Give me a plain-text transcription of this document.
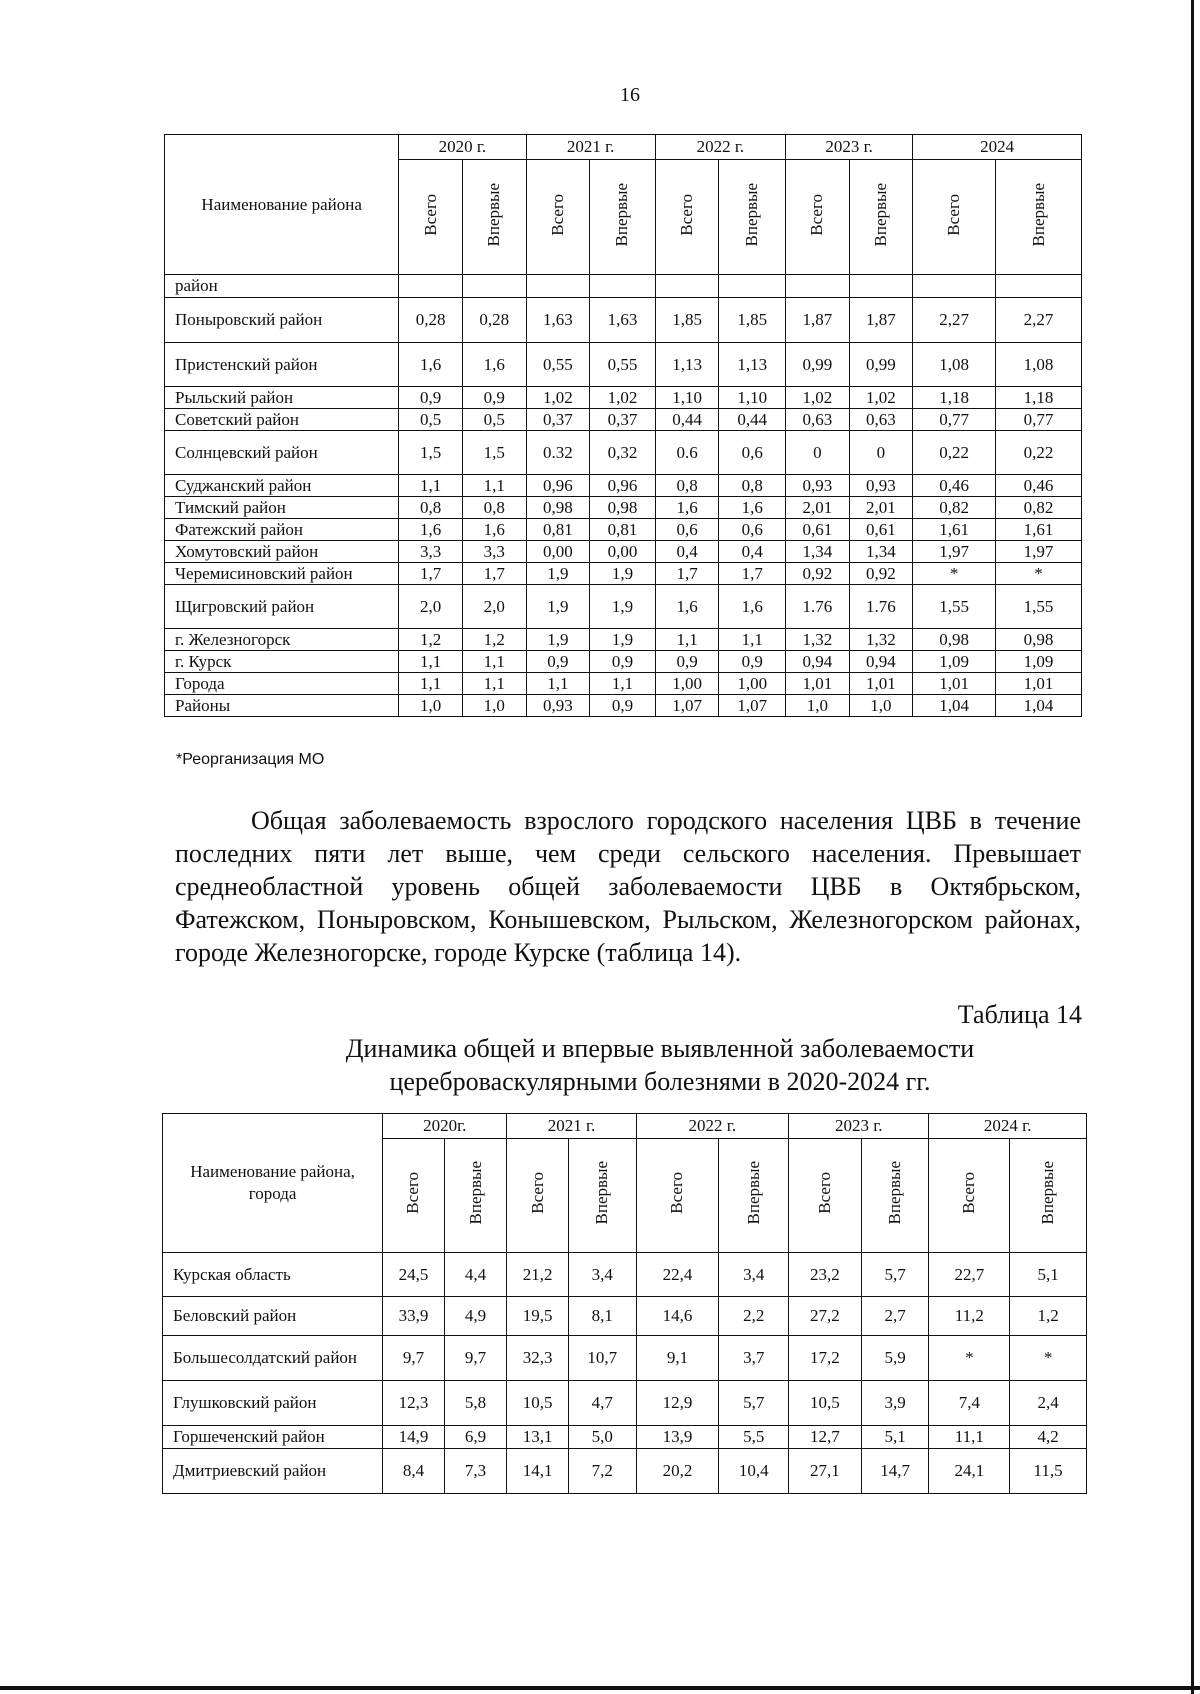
16
Наименование района	2020 г.		2021 г.		2022 г.		2023 г.		2024	
	Всего	Впервые	Всего	Впервые	Всего	Впервые	Всего	Впервые	Всего	Впервые
район										
Поныровский район	0,28	0,28	1,63	1,63	1,85	1,85	1,87	1,87	2,27	2,27
Пристенский район	1,6	1,6	0,55	0,55	1,13	1,13	0,99	0,99	1,08	1,08
Рыльский район	0,9	0,9	1,02	1,02	1,10	1,10	1,02	1,02	1,18	1,18
Советский район	0,5	0,5	0,37	0,37	0,44	0,44	0,63	0,63	0,77	0,77
Солнцевский район	1,5	1,5	0.32	0,32	0.6	0,6	0	0	0,22	0,22
Суджанский район	1,1	1,1	0,96	0,96	0,8	0,8	0,93	0,93	0,46	0,46
Тимский район	0,8	0,8	0,98	0,98	1,6	1,6	2,01	2,01	0,82	0,82
Фатежский район	1,6	1,6	0,81	0,81	0,6	0,6	0,61	0,61	1,61	1,61
Хомутовский район	3,3	3,3	0,00	0,00	0,4	0,4	1,34	1,34	1,97	1,97
Черемисиновский район	1,7	1,7	1,9	1,9	1,7	1,7	0,92	0,92	*	*
Щигровский район	2,0	2,0	1,9	1,9	1,6	1,6	1.76	1.76	1,55	1,55
г. Железногорск	1,2	1,2	1,9	1,9	1,1	1,1	1,32	1,32	0,98	0,98
г. Курск	1,1	1,1	0,9	0,9	0,9	0,9	0,94	0,94	1,09	1,09
Города	1,1	1,1	1,1	1,1	1,00	1,00	1,01	1,01	1,01	1,01
Районы	1,0	1,0	0,93	0,9	1,07	1,07	1,0	1,0	1,04	1,04
*Реорганизация МО

Общая заболеваемость взрослого городского населения ЦВБ в течение последних пяти лет выше, чем среди сельского населения. Превышает среднеобластной уровень общей заболеваемости ЦВБ в Октябрьском, Фатежском, Поныровском, Конышевском, Рыльском, Железногорском районах, городе Железногорске, городе Курске (таблица 14).

Таблица 14
Динамика общей и впервые выявленной заболеваемости цереброваскулярными болезнями в 2020-2024 гг.
Наименование района, города	2020г.		2021 г.		2022 г.		2023 г.		2024 г.	
	Всего	Впервые	Всего	Впервые	Всего	Впервые	Всего	Впервые	Всего	Впервые
Курская область	24,5	4,4	21,2	3,4	22,4	3,4	23,2	5,7	22,7	5,1
Беловский район	33,9	4,9	19,5	8,1	14,6	2,2	27,2	2,7	11,2	1,2
Большесолдатский район	9,7	9,7	32,3	10,7	9,1	3,7	17,2	5,9	*	*
Глушковский район	12,3	5,8	10,5	4,7	12,9	5,7	10,5	3,9	7,4	2,4
Горшеченский район	14,9	6,9	13,1	5,0	13,9	5,5	12,7	5,1	11,1	4,2
Дмитриевский район	8,4	7,3	14,1	7,2	20,2	10,4	27,1	14,7	24,1	11,5
